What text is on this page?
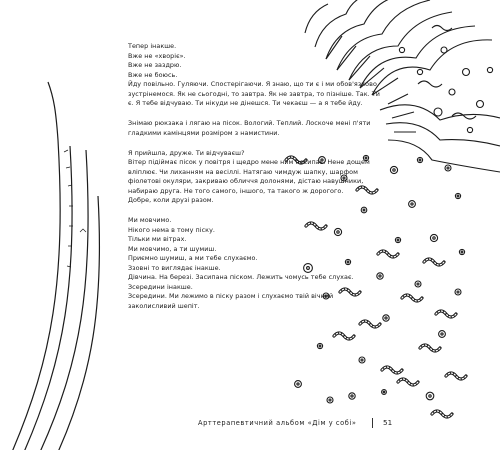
Тепер інакше.
Вже не «хворіє».
Вже не заздрю.
Вже не боюсь.
Йду повільно. Гуляючи. Спостерігаючи. Я знаю, що ти є і ми обов'язково
зустрінемося. Як не сьогодні, то завтра. Як не завтра, то пізніше. Так. Ти
є. Я тебе відчуваю. Ти нікуди не дінешся. Ти чекаєш — а я тебе йду.

Знімаю рюкзака і лягаю на пісок. Вологий. Теплий. Лоскоче мені п'яти
гладкими камінцями розміром з намистини.

Я прийшла, друже. Ти відчуваєш?
Вітер підіймає пісок у повітря і щедро мене ним посипає. Нене дощем
вліплює. Чи лиханням на весіллі. Натягаю чимдуж шапку, шарфом
фіолетові окуляри, закриваю обличчя долонями, дістаю навушники,
набираю друга. Не того самого, іншого, та такого ж дорогого.
Добре, коли друзі разом.

Ми мовчимо.
Нікого нема в тому піску.
Тільки ми вітрах.
Ми мовчимо, а ти шумиш.
Приємно шумиш, а ми тебе слухаємо.
Ззовні то виглядає інакше.
Дівчина. На березі. Засипана піском. Лежить чомусь тебе слухає.
Зсередини інакше.
Зсередини. Ми лежимо в піску разом і слухаємо твій вічний
заколисливий шепіт.

Арттерапевтичний альбом «Дім у собі»	51
